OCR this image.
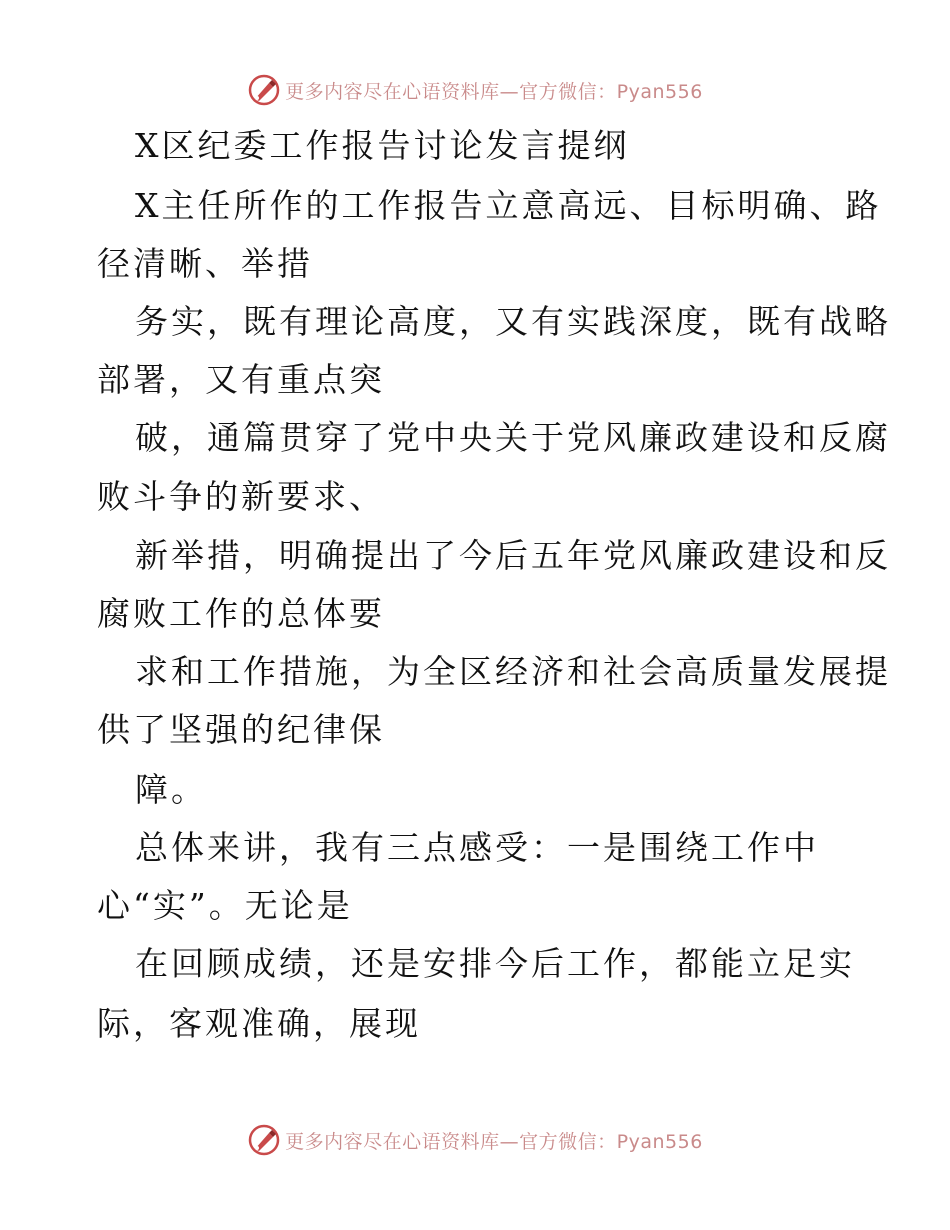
更多内容尽在心语资料库—官方微信：Pyan556
X区纪委工作报告讨论发言提纲
X主任所作的工作报告立意高远、目标明确、路
径清晰、举措
务实，既有理论高度，又有实践深度，既有战略
部署，又有重点突
破，通篇贯穿了党中央关于党风廉政建设和反腐
败斗争的新要求、
新举措，明确提出了今后五年党风廉政建设和反
腐败工作的总体要
求和工作措施，为全区经济和社会高质量发展提
供了坚强的纪律保
障。
总体来讲，我有三点感受：一是围绕工作中
心“实”。无论是
在回顾成绩，还是安排今后工作，都能立足实
际，客观准确，展现
更多内容尽在心语资料库—官方微信：Pyan556
